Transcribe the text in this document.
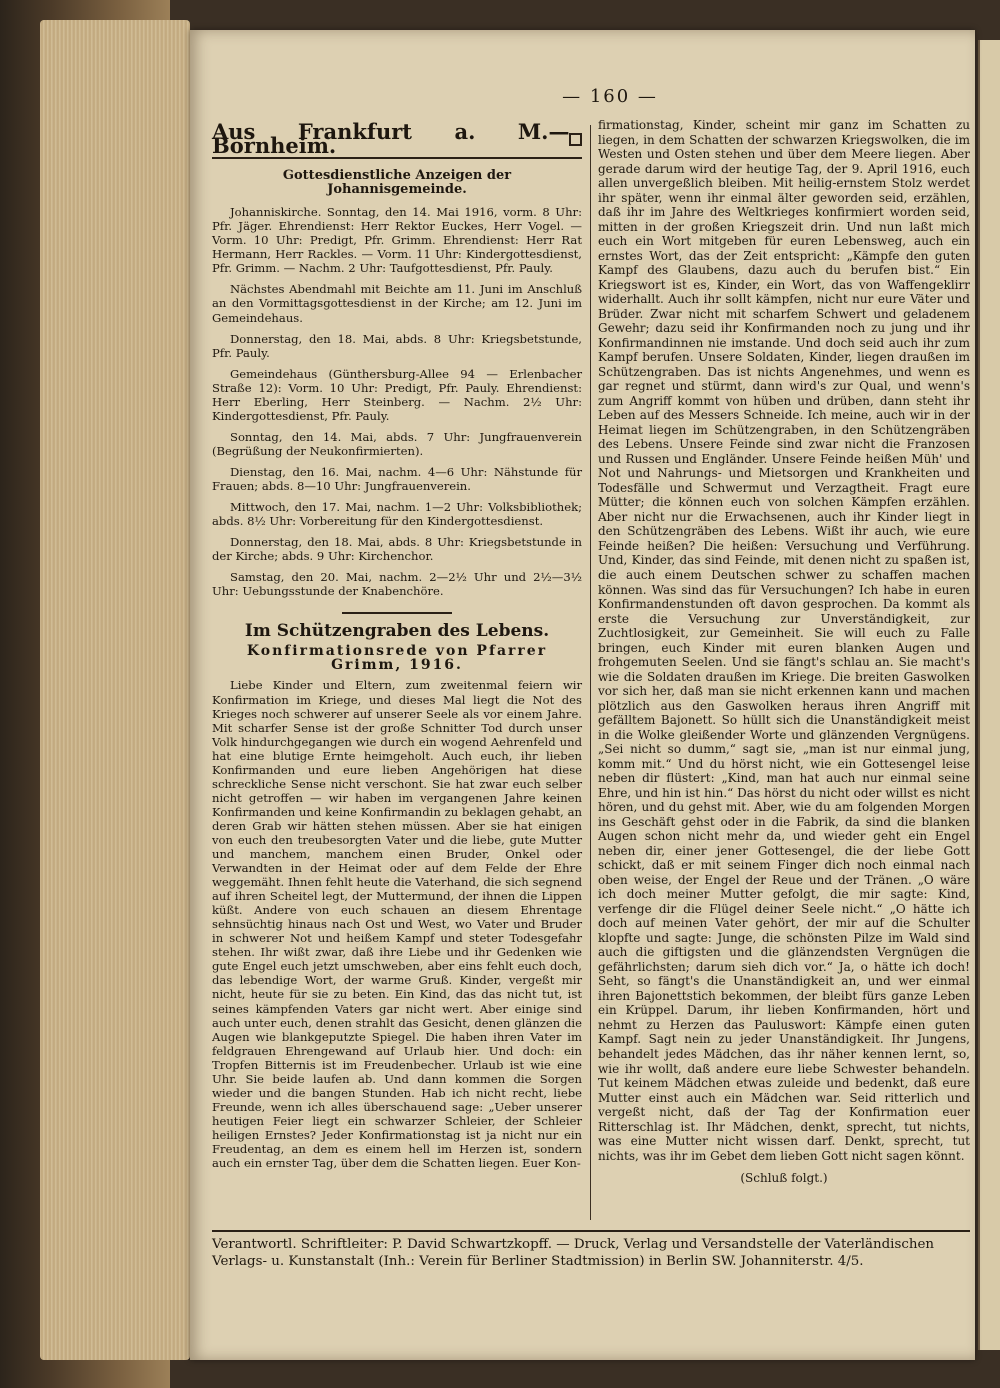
— 160 —
Aus Frankfurt a. M.—Bornheim.
Gottesdienstliche Anzeigen der Johannisgemeinde.

Johanniskirche. Sonntag, den 14. Mai 1916, vorm. 8 Uhr: Pfr. Jäger. Ehrendienst: Herr Rektor Euckes, Herr Vogel. — Vorm. 10 Uhr: Predigt, Pfr. Grimm. Ehrendienst: Herr Rat Hermann, Herr Rackles. — Vorm. 11 Uhr: Kindergottesdienst, Pfr. Grimm. — Nachm. 2 Uhr: Taufgottesdienst, Pfr. Pauly.

Nächstes Abendmahl mit Beichte am 11. Juni im Anschluß an den Vormittagsgottesdienst in der Kirche; am 12. Juni im Gemeindehaus.

Donnerstag, den 18. Mai, abds. 8 Uhr: Kriegsbetstunde, Pfr. Pauly.

Gemeindehaus (Günthersburg-Allee 94 — Erlenbacher Straße 12): Vorm. 10 Uhr: Predigt, Pfr. Pauly. Ehrendienst: Herr Eberling, Herr Steinberg. — Nachm. 2½ Uhr: Kindergottesdienst, Pfr. Pauly.

Sonntag, den 14. Mai, abds. 7 Uhr: Jungfrauenverein (Begrüßung der Neukonfirmierten).

Dienstag, den 16. Mai, nachm. 4—6 Uhr: Nähstunde für Frauen; abds. 8—10 Uhr: Jungfrauenverein.

Mittwoch, den 17. Mai, nachm. 1—2 Uhr: Volksbibliothek; abds. 8½ Uhr: Vorbereitung für den Kindergottesdienst.

Donnerstag, den 18. Mai, abds. 8 Uhr: Kriegsbetstunde in der Kirche; abds. 9 Uhr: Kirchenchor.

Samstag, den 20. Mai, nachm. 2—2½ Uhr und 2½—3½ Uhr: Uebungsstunde der Knabenchöre.

Im Schützengraben des Lebens.
Konfirmationsrede von Pfarrer Grimm, 1916.

Liebe Kinder und Eltern, zum zweitenmal feiern wir Konfirmation im Kriege, und dieses Mal liegt die Not des Krieges noch schwerer auf unserer Seele als vor einem Jahre. Mit scharfer Sense ist der große Schnitter Tod durch unser Volk hindurchgegangen wie durch ein wogend Aehrenfeld und hat eine blutige Ernte heimgeholt. Auch euch, ihr lieben Konfirmanden und eure lieben Angehörigen hat diese schreckliche Sense nicht verschont. Sie hat zwar euch selber nicht getroffen — wir haben im vergangenen Jahre keinen Konfirmanden und keine Konfirmandin zu beklagen gehabt, an deren Grab wir hätten stehen müssen. Aber sie hat einigen von euch den treubesorgten Vater und die liebe, gute Mutter und manchem, manchem einen Bruder, Onkel oder Verwandten in der Heimat oder auf dem Felde der Ehre weggemäht. Ihnen fehlt heute die Vaterhand, die sich segnend auf ihren Scheitel legt, der Muttermund, der ihnen die Lippen küßt. Andere von euch schauen an diesem Ehrentage sehnsüchtig hinaus nach Ost und West, wo Vater und Bruder in schwerer Not und heißem Kampf und steter Todesgefahr stehen. Ihr wißt zwar, daß ihre Liebe und ihr Gedenken wie gute Engel euch jetzt umschweben, aber eins fehlt euch doch, das lebendige Wort, der warme Gruß. Kinder, vergeßt mir nicht, heute für sie zu beten. Ein Kind, das das nicht tut, ist seines kämpfenden Vaters gar nicht wert. Aber einige sind auch unter euch, denen strahlt das Gesicht, denen glänzen die Augen wie blankgeputzte Spiegel. Die haben ihren Vater im feldgrauen Ehrengewand auf Urlaub hier. Und doch: ein Tropfen Bitternis ist im Freudenbecher. Urlaub ist wie eine Uhr. Sie beide laufen ab. Und dann kommen die Sorgen wieder und die bangen Stunden. Hab ich nicht recht, liebe Freunde, wenn ich alles überschauend sage: „Ueber unserer heutigen Feier liegt ein schwarzer Schleier, der Schleier heiligen Ernstes? Jeder Konfirmationstag ist ja nicht nur ein Freudentag, an dem es einem hell im Herzen ist, sondern auch ein ernster Tag, über dem die Schatten liegen. Euer Kon-

firmationstag, Kinder, scheint mir ganz im Schatten zu liegen, in dem Schatten der schwarzen Kriegswolken, die im Westen und Osten stehen und über dem Meere liegen. Aber gerade darum wird der heutige Tag, der 9. April 1916, euch allen unvergeßlich bleiben. Mit heilig-ernstem Stolz werdet ihr später, wenn ihr einmal älter geworden seid, erzählen, daß ihr im Jahre des Weltkrieges konfirmiert worden seid, mitten in der großen Kriegszeit drin. Und nun laßt mich euch ein Wort mitgeben für euren Lebensweg, auch ein ernstes Wort, das der Zeit entspricht: „Kämpfe den guten Kampf des Glaubens, dazu auch du berufen bist.“ Ein Kriegswort ist es, Kinder, ein Wort, das von Waffengeklirr widerhallt. Auch ihr sollt kämpfen, nicht nur eure Väter und Brüder. Zwar nicht mit scharfem Schwert und geladenem Gewehr; dazu seid ihr Konfirmanden noch zu jung und ihr Konfirmandinnen nie imstande. Und doch seid auch ihr zum Kampf berufen. Unsere Soldaten, Kinder, liegen draußen im Schützengraben. Das ist nichts Angenehmes, und wenn es gar regnet und stürmt, dann wird's zur Qual, und wenn's zum Angriff kommt von hüben und drüben, dann steht ihr Leben auf des Messers Schneide. Ich meine, auch wir in der Heimat liegen im Schützengraben, in den Schützengräben des Lebens. Unsere Feinde sind zwar nicht die Franzosen und Russen und Engländer. Unsere Feinde heißen Müh' und Not und Nahrungs- und Mietsorgen und Krankheiten und Todesfälle und Schwermut und Verzagtheit. Fragt eure Mütter; die können euch von solchen Kämpfen erzählen. Aber nicht nur die Erwachsenen, auch ihr Kinder liegt in den Schützengräben des Lebens. Wißt ihr auch, wie eure Feinde heißen? Die heißen: Versuchung und Verführung. Und, Kinder, das sind Feinde, mit denen nicht zu spaßen ist, die auch einem Deutschen schwer zu schaffen machen können. Was sind das für Versuchungen? Ich habe in euren Konfirmandenstunden oft davon gesprochen. Da kommt als erste die Versuchung zur Unverständigkeit, zur Zuchtlosigkeit, zur Gemeinheit. Sie will euch zu Falle bringen, euch Kinder mit euren blanken Augen und frohgemuten Seelen. Und sie fängt's schlau an. Sie macht's wie die Soldaten draußen im Kriege. Die breiten Gaswolken vor sich her, daß man sie nicht erkennen kann und machen plötzlich aus den Gaswolken heraus ihren Angriff mit gefälltem Bajonett. So hüllt sich die Unanständigkeit meist in die Wolke gleißender Worte und glänzenden Vergnügens. „Sei nicht so dumm,“ sagt sie, „man ist nur einmal jung, komm mit.“ Und du hörst nicht, wie ein Gottesengel leise neben dir flüstert: „Kind, man hat auch nur einmal seine Ehre, und hin ist hin.“ Das hörst du nicht oder willst es nicht hören, und du gehst mit. Aber, wie du am folgenden Morgen ins Geschäft gehst oder in die Fabrik, da sind die blanken Augen schon nicht mehr da, und wieder geht ein Engel neben dir, einer jener Gottesengel, die der liebe Gott schickt, daß er mit seinem Finger dich noch einmal nach oben weise, der Engel der Reue und der Tränen. „O wäre ich doch meiner Mutter gefolgt, die mir sagte: Kind, verfenge dir die Flügel deiner Seele nicht.“ „O hätte ich doch auf meinen Vater gehört, der mir auf die Schulter klopfte und sagte: Junge, die schönsten Pilze im Wald sind auch die giftigsten und die glänzendsten Vergnügen die gefährlichsten; darum sieh dich vor.“ Ja, o hätte ich doch! Seht, so fängt's die Unanständigkeit an, und wer einmal ihren Bajonettstich bekommen, der bleibt fürs ganze Leben ein Krüppel. Darum, ihr lieben Konfirmanden, hört und nehmt zu Herzen das Pauluswort: Kämpfe einen guten Kampf. Sagt nein zu jeder Unanständigkeit. Ihr Jungens, behandelt jedes Mädchen, das ihr näher kennen lernt, so, wie ihr wollt, daß andere eure liebe Schwester behandeln. Tut keinem Mädchen etwas zuleide und bedenkt, daß eure Mutter einst auch ein Mädchen war. Seid ritterlich und vergeßt nicht, daß der Tag der Konfirmation euer Ritterschlag ist. Ihr Mädchen, denkt, sprecht, tut nichts, was eine Mutter nicht wissen darf. Denkt, sprecht, tut nichts, was ihr im Gebet dem lieben Gott nicht sagen könnt.

(Schluß folgt.)

Verantwortl. Schriftleiter: P. David Schwartzkopff. — Druck, Verlag und Versandstelle der Vaterländischen
Verlags- u. Kunstanstalt (Inh.: Verein für Berliner Stadtmission) in Berlin SW. Johanniterstr. 4/5.
